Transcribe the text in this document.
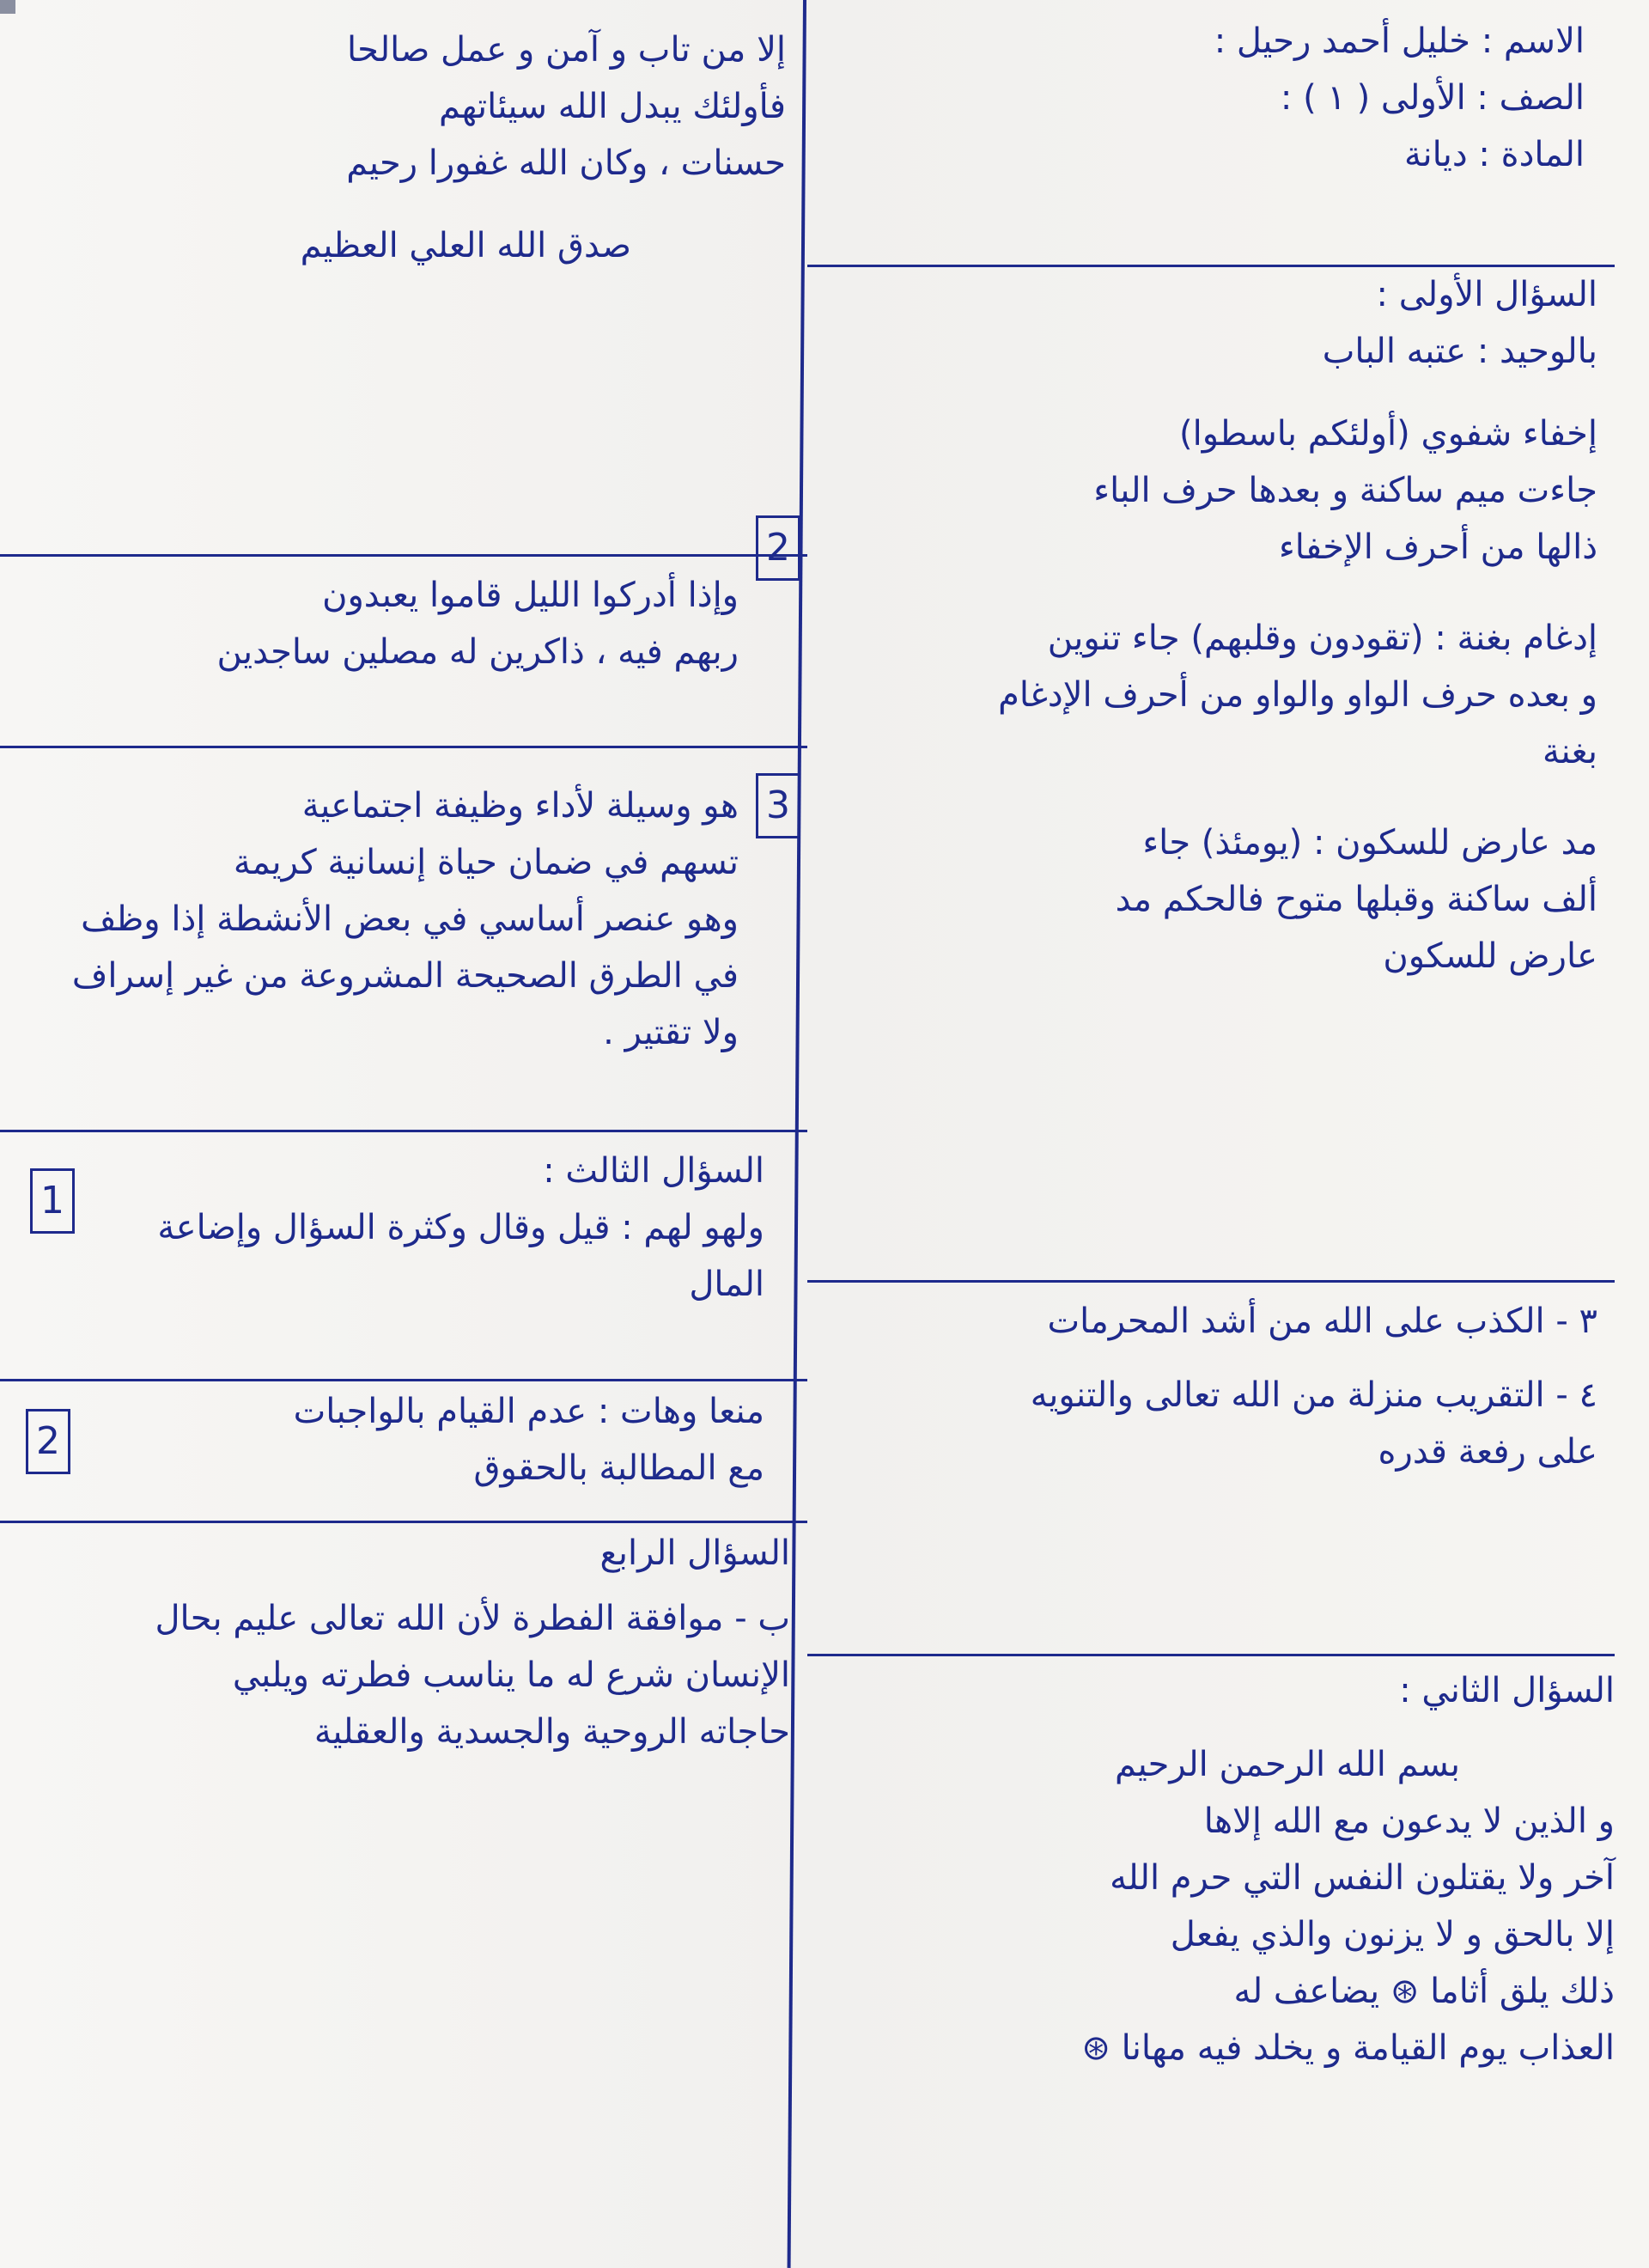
الاسم : خليل أحمد رحيل :
الصف : الأولى ( ١ ) :
المادة : ديانة
السؤال الأولى :
بالوحيد : عتبه الباب
إخفاء شفوي (أولئكم باسطوا)
جاءت ميم ساكنة و بعدها حرف الباء
ذالها من أحرف الإخفاء
إدغام بغنة : (تقودون وقلبهم) جاء تنوين
و بعده حرف الواو والواو من أحرف الإدغام
بغنة
مد عارض للسكون : (يومئذ) جاء
ألف ساكنة وقبلها متوح فالحكم مد
عارض للسكون
٣ - الكذب على الله من أشد المحرمات
٤ - التقريب منزلة من الله تعالى والتنويه
على رفعة قدره
السؤال الثاني :
بسم الله الرحمن الرحيم
و الذين لا يدعون مع الله إلاها
آخر ولا يقتلون النفس التي حرم الله
إلا بالحق و لا يزنون والذي يفعل
ذلك يلق أثاما ⊛ يضاعف له
العذاب يوم القيامة و يخلد فيه مهانا ⊛
إلا من تاب و آمن و عمل صالحا
فأولئك يبدل الله سيئاتهم
حسنات ، وكان الله غفورا رحيم
صدق الله العلي العظيم
2
وإذا أدركوا الليل قاموا يعبدون
ربهم فيه ، ذاكرين له مصلين ساجدين
3
هو وسيلة لأداء وظيفة اجتماعية
تسهم في ضمان حياة إنسانية كريمة
وهو عنصر أساسي في بعض الأنشطة إذا وظف
في الطرق الصحيحة المشروعة من غير إسراف
ولا تقتير .
السؤال الثالث :
ولهو لهم : قيل وقال وكثرة السؤال وإضاعة
المال
1
منعا وهات : عدم القيام بالواجبات
مع المطالبة بالحقوق
2
السؤال الرابع
ب - موافقة الفطرة لأن الله تعالى عليم بحال
الإنسان شرع له ما يناسب فطرته ويلبي
حاجاته الروحية والجسدية والعقلية
